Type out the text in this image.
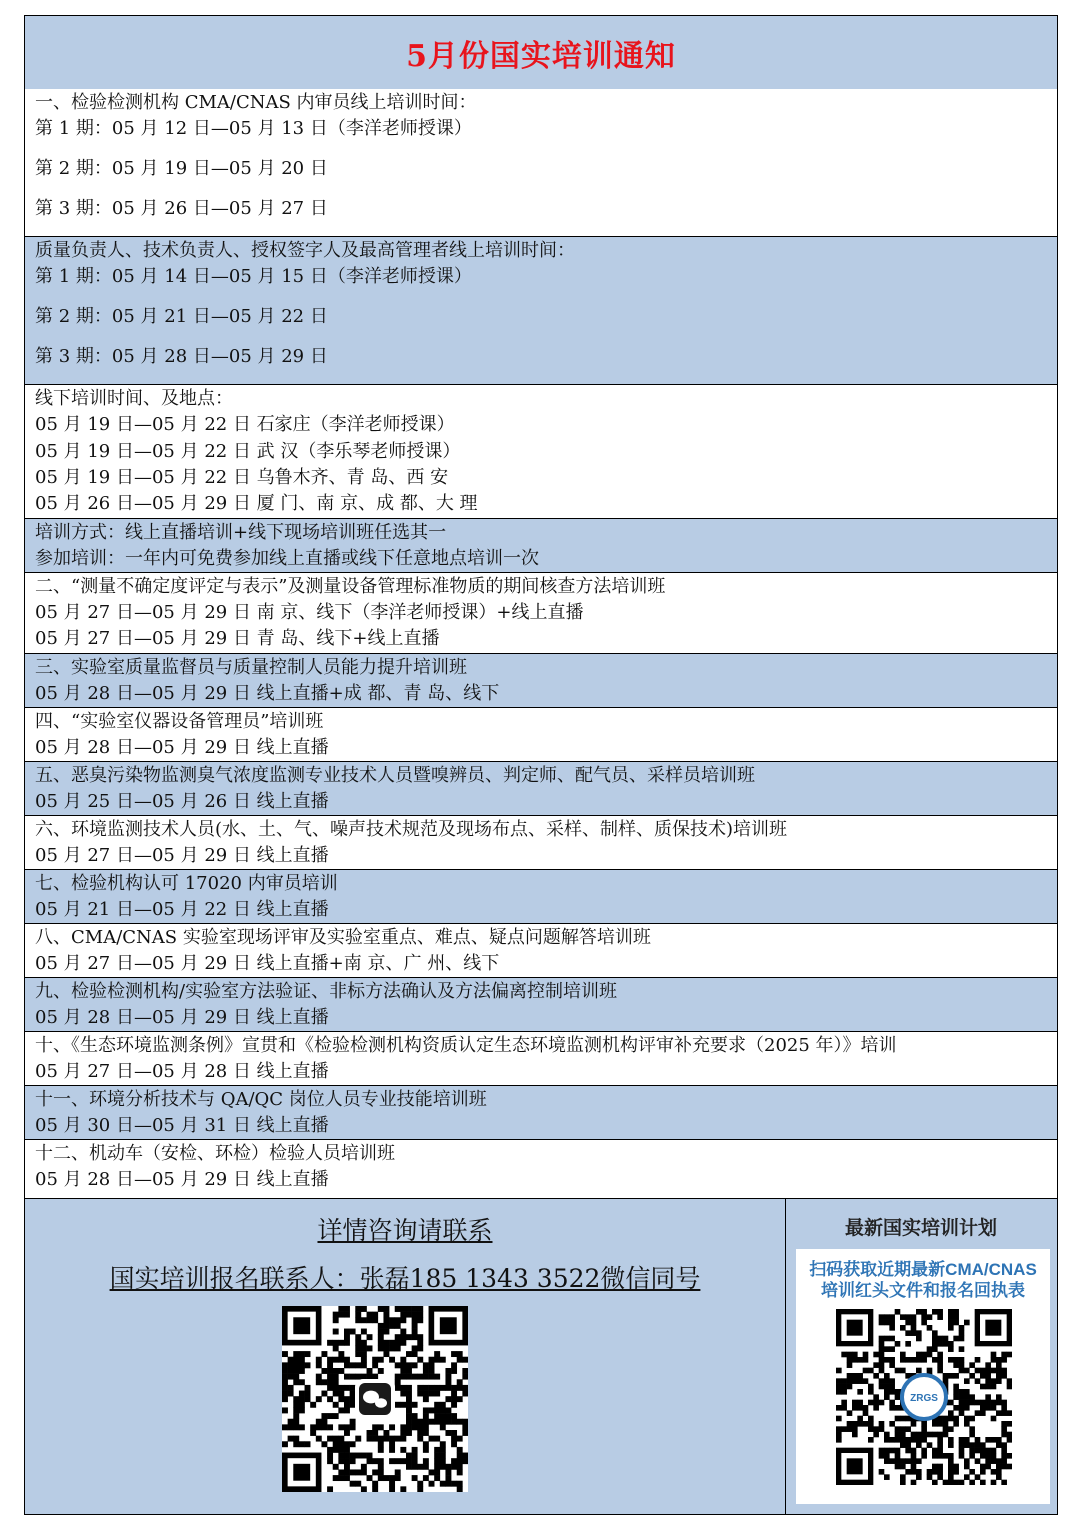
5月份国实培训通知
一、检验检测机构 CMA/CNAS 内审员线上培训时间：
第 1 期：05 月 12 日—05 月 13 日（李洋老师授课）
第 2 期：05 月 19 日—05 月 20 日
第 3 期：05 月 26 日—05 月 27 日
质量负责人、技术负责人、授权签字人及最高管理者线上培训时间：
第 1 期：05 月 14 日—05 月 15 日（李洋老师授课）
第 2 期：05 月 21 日—05 月 22 日
第 3 期：05 月 28 日—05 月 29 日
线下培训时间、及地点：
05 月 19 日—05 月 22 日 石家庄（李洋老师授课）
05 月 19 日—05 月 22 日 武 汉（李乐琴老师授课）
05 月 19 日—05 月 22 日 乌鲁木齐、青 岛、西 安
05 月 26 日—05 月 29 日 厦 门、南 京、成 都、大 理
培训方式：线上直播培训+线下现场培训班任选其一
参加培训：一年内可免费参加线上直播或线下任意地点培训一次
二、“测量不确定度评定与表示”及测量设备管理标准物质的期间核查方法培训班
05 月 27 日—05 月 29 日 南 京、线下（李洋老师授课）+线上直播
05 月 27 日—05 月 29 日 青 岛、线下+线上直播
三、实验室质量监督员与质量控制人员能力提升培训班
05 月 28 日—05 月 29 日 线上直播+成 都、青 岛、线下
四、“实验室仪器设备管理员”培训班
05 月 28 日—05 月 29 日 线上直播
五、恶臭污染物监测臭气浓度监测专业技术人员暨嗅辨员、判定师、配气员、采样员培训班
05 月 25 日—05 月 26 日 线上直播
六、环境监测技术人员(水、土、气、噪声技术规范及现场布点、采样、制样、质保技术)培训班
05 月 27 日—05 月 29 日 线上直播
七、检验机构认可 17020 内审员培训
05 月 21 日—05 月 22 日 线上直播
八、CMA/CNAS 实验室现场评审及实验室重点、难点、疑点问题解答培训班
05 月 27 日—05 月 29 日 线上直播+南 京、广 州、线下
九、检验检测机构/实验室方法验证、非标方法确认及方法偏离控制培训班
05 月 28 日—05 月 29 日 线上直播
十、《生态环境监测条例》宣贯和《检验检测机构资质认定生态环境监测机构评审补充要求（2025 年）》培训
05 月 27 日—05 月 28 日 线上直播
十一、环境分析技术与 QA/QC 岗位人员专业技能培训班
05 月 30 日—05 月 31 日 线上直播
十二、机动车（安检、环检）检验人员培训班
05 月 28 日—05 月 29 日 线上直播
详情咨询请联系
国实培训报名联系人：张磊185 1343 3522微信同号
最新国实培训计划
扫码获取近期最新CMA/CNAS
培训红头文件和报名回执表
ZRGS
